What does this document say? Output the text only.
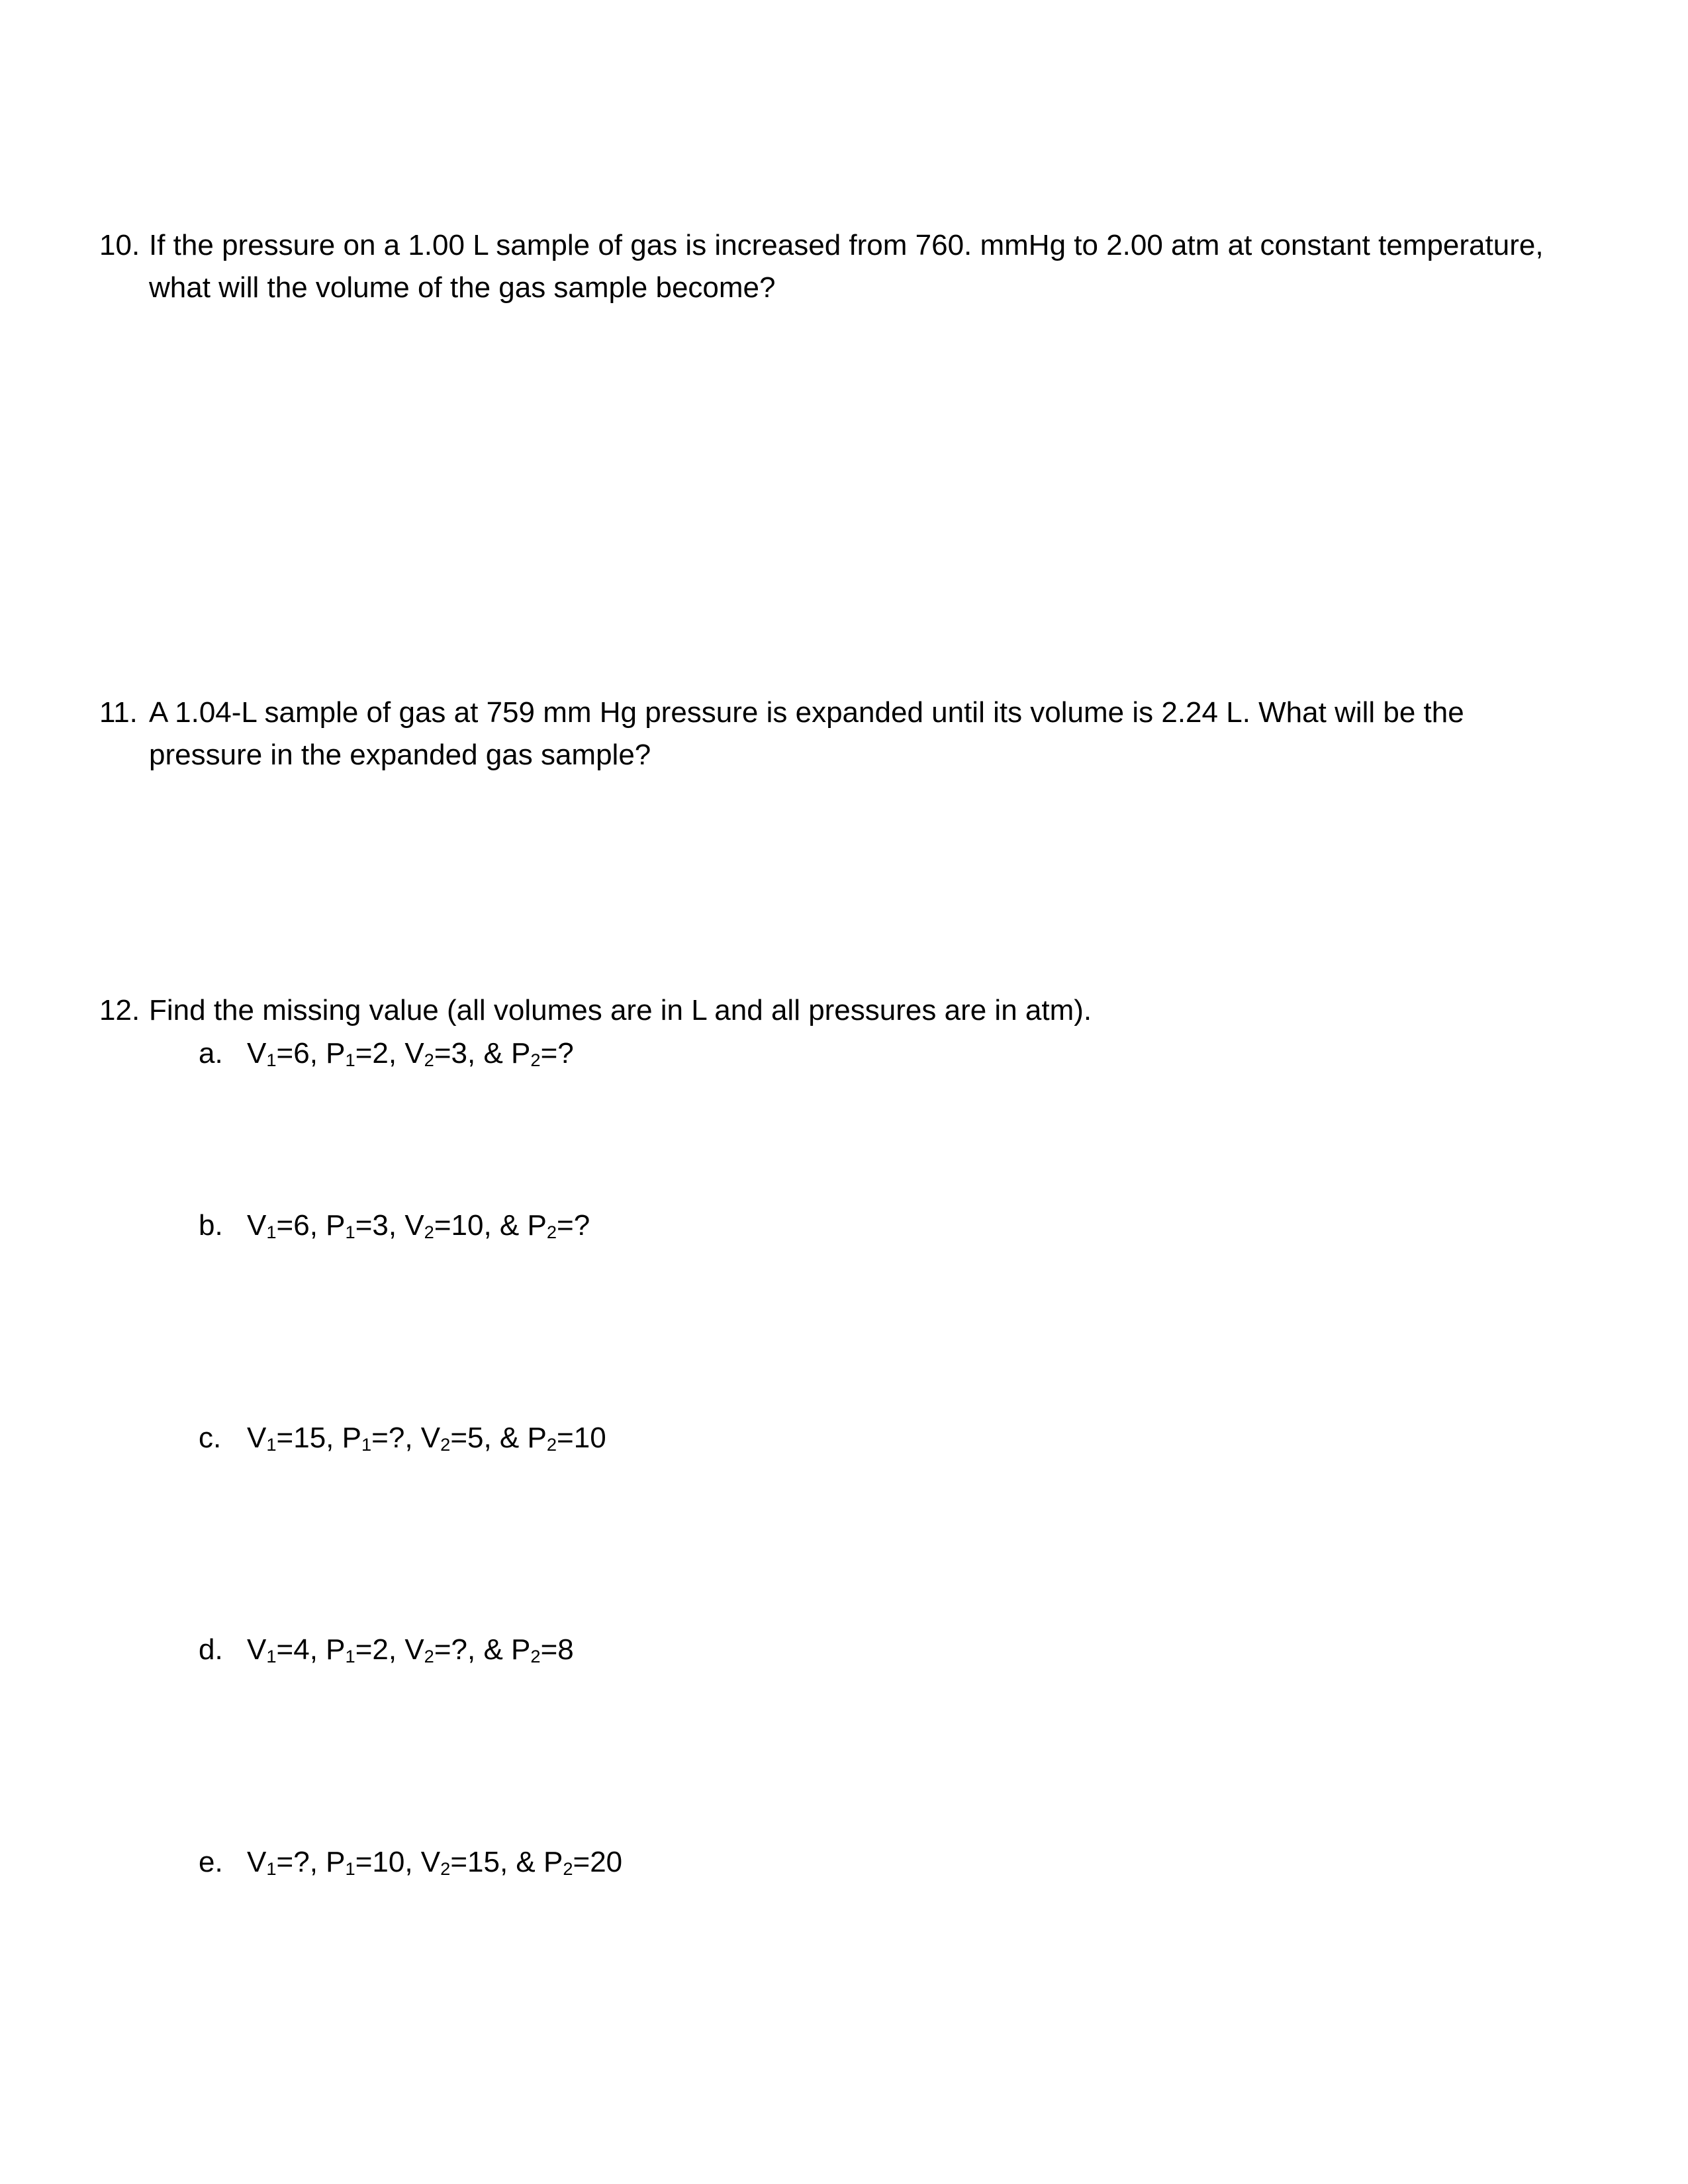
10. If the pressure on a 1.00 L sample of gas is increased from 760. mmHg to 2.00 atm at constant temperature, what will the volume of the gas sample become?
11. A 1.04-L sample of gas at 759 mm Hg pressure is expanded until its volume is 2.24 L. What will be the pressure in the expanded gas sample?
12. Find the missing value (all volumes are in L and all pressures are in atm).
a. $V_1=6$, $P_1=2$, $V_2=3$, & $P_2=$?
b. $V_1=6$, $P_1=3$, $V_2=10$, & $P_2=$?
c. $V_1=15$, $P_1=$?, $V_2=5$, & $P_2=10$
d. $V_1=4$, $P_1=2$, $V_2=$?, & $P_2=8$
e. $V_1=$?, $P_1=10$, $V_2=15$, & $P_2=20$
